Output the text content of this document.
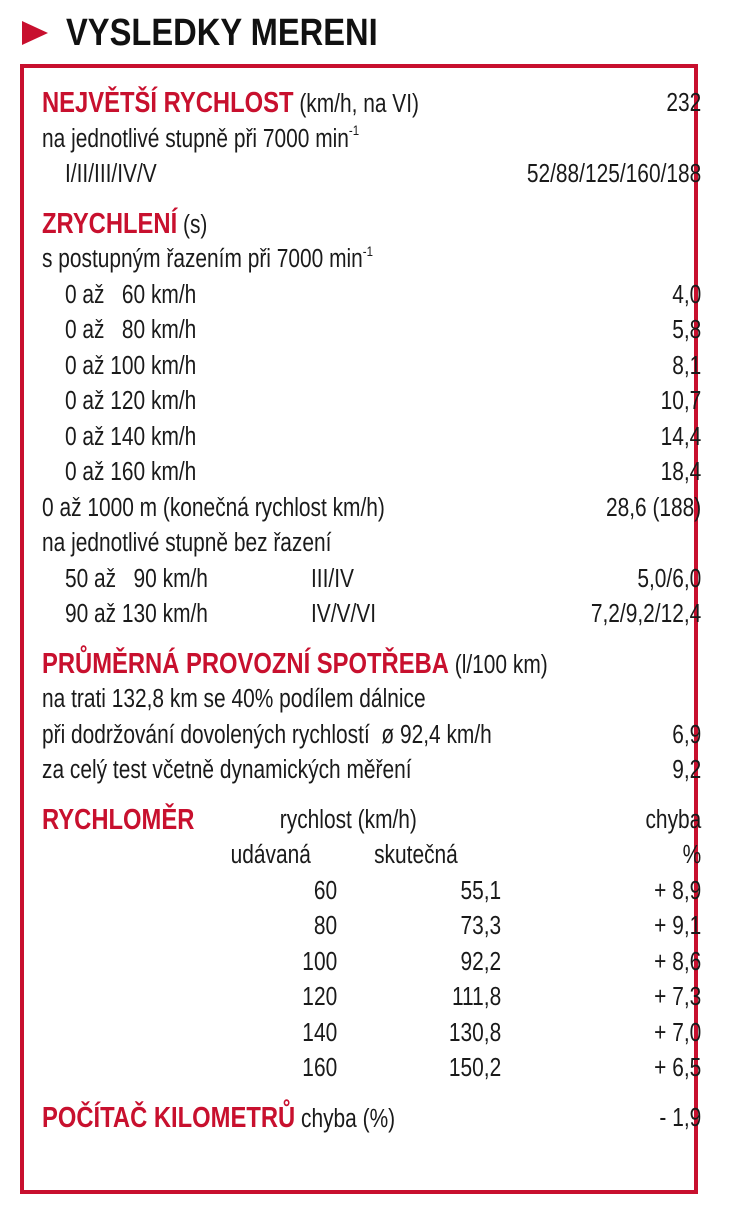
VYSLEDKY MERENI
NEJVĚTŠÍ RYCHLOST (km/h, na VI)	232
na jednotlivé stupně při 7000 $\min^{-1}$
I/II/III/IV/V	52/88/125/160/188
ZRYCHLENÍ (s)
s postupným řazením při 7000 $\min^{-1}$
0 až   60 km/h	4,0
0 až   80 km/h	5,8
0 až 100 km/h	8,1
0 až 120 km/h	10,7
0 až 140 km/h	14,4
0 až 160 km/h	18,4
0 až 1000 m (konečná rychlost km/h)	28,6 (188)
na jednotlivé stupně bez řazení
50 až   90 km/h	III/IV	5,0/6,0
90 až 130 km/h	IV/V/VI	7,2/9,2/12,4
PRŮMĚRNÁ PROVOZNÍ SPOTŘEBA (l/100 km)
na trati 132,8 km se 40% podílem dálnice
při dodržování dovolených rychlostí  ø 92,4 km/h	6,9
za celý test včetně dynamických měření	9,2
RYCHLOMĚR	rychlost (km/h)	chyba
udávaná	skutečná	%
60	55,1	+ 8,9
80	73,3	+ 9,1
100	92,2	+ 8,6
120	111,8	+ 7,3
140	130,8	+ 7,0
160	150,2	+ 6,5
POČÍTAČ KILOMETRŮ chyba (%)	- 1,9
